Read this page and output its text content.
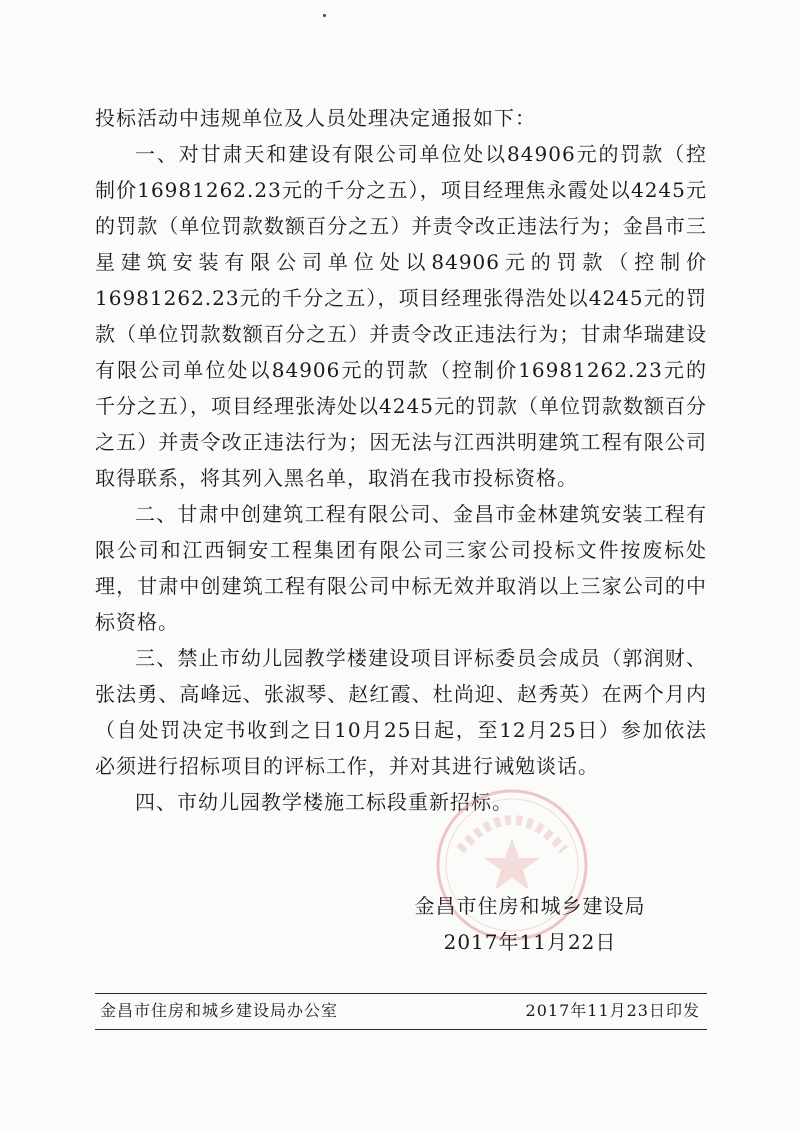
投标活动中违规单位及人员处理决定通报如下：

一、对甘肃天和建设有限公司单位处以84906元的罚款（控制价16981262.23元的千分之五），项目经理焦永霞处以4245元的罚款（单位罚款数额百分之五）并责令改正违法行为；金昌市三星建筑安装有限公司单位处以84906元的罚款（控制价16981262.23元的千分之五），项目经理张得浩处以4245元的罚款（单位罚款数额百分之五）并责令改正违法行为；甘肃华瑞建设有限公司单位处以84906元的罚款（控制价16981262.23元的千分之五），项目经理张涛处以4245元的罚款（单位罚款数额百分之五）并责令改正违法行为；因无法与江西洪明建筑工程有限公司取得联系，将其列入黑名单，取消在我市投标资格。

二、甘肃中创建筑工程有限公司、金昌市金林建筑安装工程有限公司和江西铜安工程集团有限公司三家公司投标文件按废标处理，甘肃中创建筑工程有限公司中标无效并取消以上三家公司的中标资格。

三、禁止市幼儿园教学楼建设项目评标委员会成员（郭润财、张法勇、高峰远、张淑琴、赵红霞、杜尚迎、赵秀英）在两个月内（自处罚决定书收到之日10月25日起，至12月25日）参加依法必须进行招标项目的评标工作，并对其进行诫勉谈话。

四、市幼儿园教学楼施工标段重新招标。

金昌市住房和城乡建设局
2017年11月22日
金昌市住房和城乡建设局办公室	2017年11月23日印发
